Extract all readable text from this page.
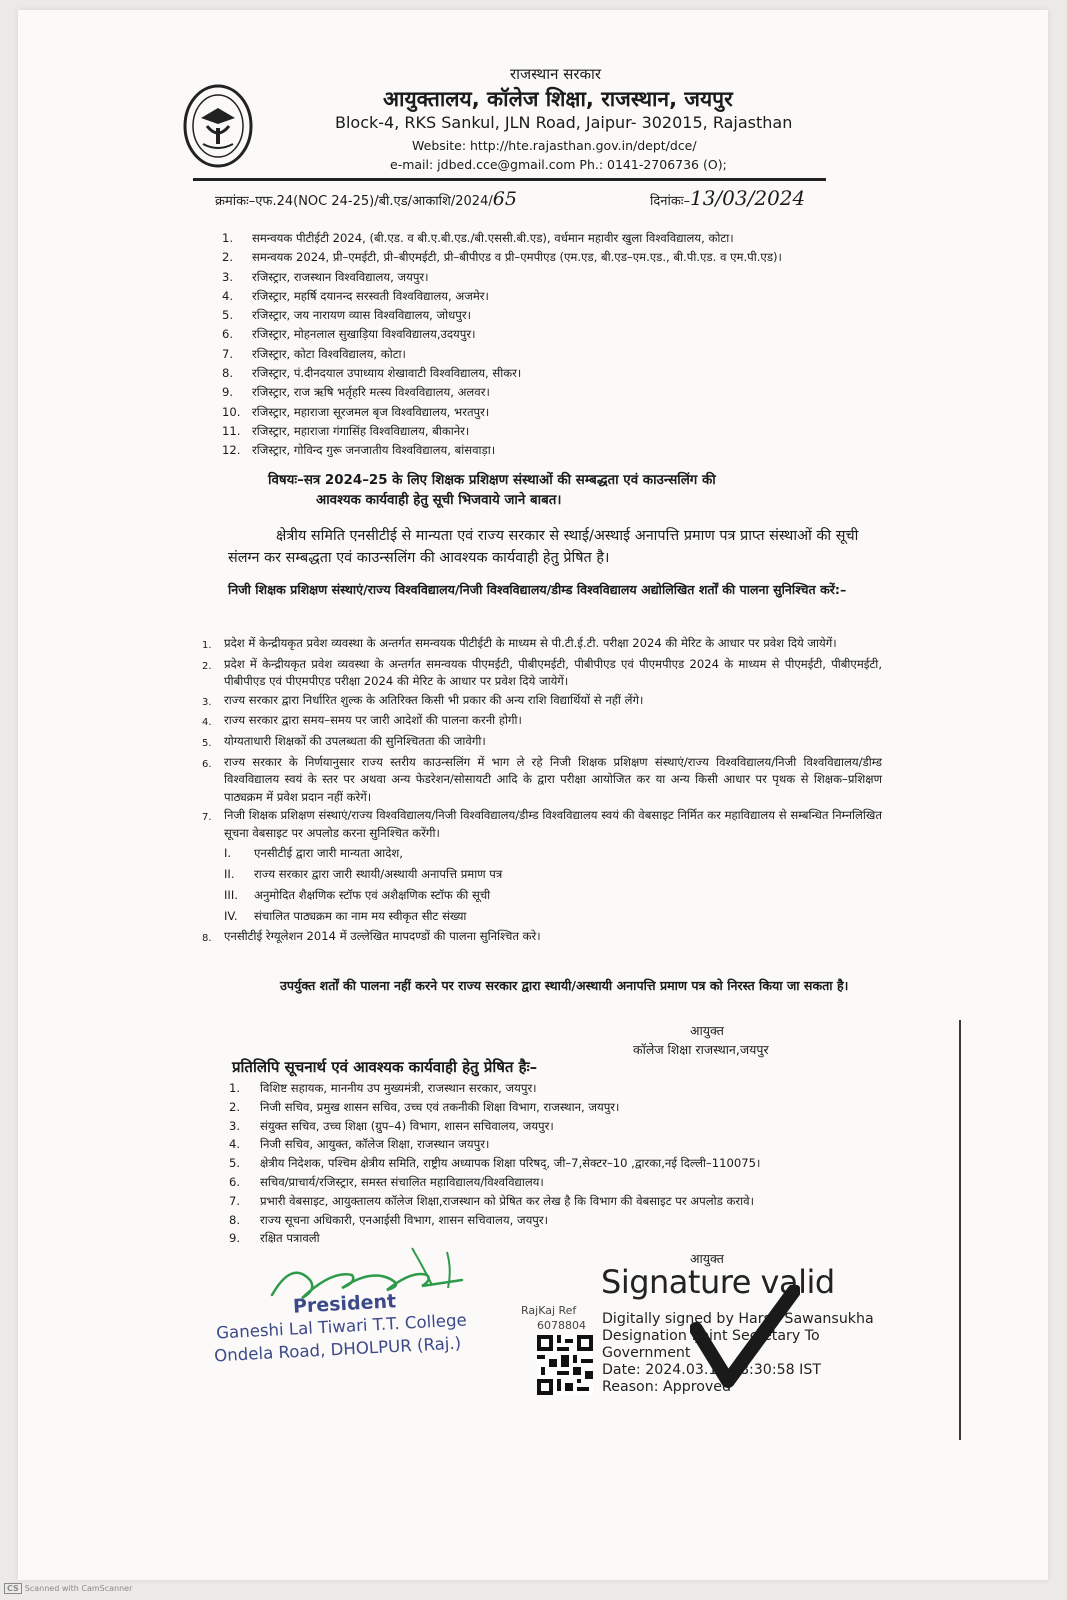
राजस्थान सरकार
आयुक्तालय, कॉलेज शिक्षा, राजस्थान, जयपुर
Block-4, RKS Sankul, JLN Road, Jaipur- 302015, Rajasthan
Website: http://hte.rajasthan.gov.in/dept/dce/
e-mail: jdbed.cce@gmail.com Ph.: 0141-2706736 (O);
क्रमांकः–एफ.24(NOC 24-25)/बी.एड/आकाशि/2024/65	दिनांकः–13/03/2024
1. समन्वयक पीटीईटी 2024, (बी.एड. व बी.ए.बी.एड./बी.एससी.बी.एड), वर्धमान महावीर खुला विश्वविद्यालय, कोटा।
2. समन्वयक 2024, प्री–एमईटी, प्री–बीएमईटी, प्री–बीपीएड व प्री–एमपीएड (एम.एड, बी.एड–एम.एड., बी.पी.एड. व एम.पी.एड)।
3. रजिस्ट्रार, राजस्थान विश्वविद्यालय, जयपुर।
4. रजिस्ट्रार, महर्षि दयानन्द सरस्वती विश्वविद्यालय, अजमेर।
5. रजिस्ट्रार, जय नारायण व्यास विश्वविद्यालय, जोधपुर।
6. रजिस्ट्रार, मोहनलाल सुखाड़िया विश्वविद्यालय,उदयपुर।
7. रजिस्ट्रार, कोटा विश्वविद्यालय, कोटा।
8. रजिस्ट्रार, पं.दीनदयाल उपाध्याय शेखावाटी विश्वविद्यालय, सीकर।
9. रजिस्ट्रार, राज ऋषि भर्तृहरि मत्स्य विश्वविद्यालय, अलवर।
10. रजिस्ट्रार, महाराजा सूरजमल बृज विश्वविद्यालय, भरतपुर।
11. रजिस्ट्रार, महाराजा गंगासिंह विश्वविद्यालय, बीकानेर।
12. रजिस्ट्रार, गोविन्द गुरू जनजातीय विश्वविद्यालय, बांसवाड़ा।
विषयः–सत्र 2024–25 के लिए शिक्षक प्रशिक्षण संस्थाओं की सम्बद्धता एवं काउन्सलिंग की
आवश्यक कार्यवाही हेतु सूची भिजवाये जाने बाबत।
क्षेत्रीय समिति एनसीटीई से मान्यता एवं राज्य सरकार से स्थाई/अस्थाई अनापत्ति प्रमाण पत्र प्राप्त संस्थाओं की सूची संलग्न कर सम्बद्धता एवं काउन्सलिंग की आवश्यक कार्यवाही हेतु प्रेषित है।
निजी शिक्षक प्रशिक्षण संस्थाएं/राज्य विश्वविद्यालय/निजी विश्वविद्यालय/डीम्ड विश्वविद्यालय अद्योलिखित शर्तों की पालना सुनिश्चित करें:–
1.	प्रदेश में केन्द्रीयकृत प्रवेश व्यवस्था के अन्तर्गत समन्वयक पीटीईटी के माध्यम से पी.टी.ई.टी. परीक्षा 2024 की मेरिट के आधार पर प्रवेश दिये जायेगें।
2.	प्रदेश में केन्द्रीयकृत प्रवेश व्यवस्था के अन्तर्गत समन्वयक पीएमईटी, पीबीएमईटी, पीबीपीएड एवं पीएमपीएड 2024 के माध्यम से पीएमईटी, पीबीएमईटी, पीबीपीएड एवं पीएमपीएड परीक्षा 2024 की मेरिट के आधार पर प्रवेश दिये जायेगें।
3.	राज्य सरकार द्वारा निर्धारित शुल्क के अतिरिक्त किसी भी प्रकार की अन्य राशि विद्यार्थियों से नहीं लेंगे।
4.	राज्य सरकार द्वारा समय–समय पर जारी आदेशों की पालना करनी होगी।
5.	योग्यताधारी शिक्षकों की उपलब्धता की सुनिश्चितता की जावेगी।
6.	राज्य सरकार के निर्णयानुसार राज्य स्तरीय काउन्सलिंग में भाग ले रहे निजी शिक्षक प्रशिक्षण संस्थाएं/राज्य विश्वविद्यालय/निजी विश्वविद्यालय/डीम्ड विश्वविद्यालय स्वयं के स्तर पर अथवा अन्य फेडरेशन/सोसायटी आदि के द्वारा परीक्षा आयोजित कर या अन्य किसी आधार पर पृथक से शिक्षक–प्रशिक्षण पाठ्यक्रम में प्रवेश प्रदान नहीं करेगें।
7.	निजी शिक्षक प्रशिक्षण संस्थाएं/राज्य विश्वविद्यालय/निजी विश्वविद्यालय/डीम्ड विश्वविद्यालय स्वयं की वेबसाइट निर्मित कर महाविद्यालय से सम्बन्धित निम्नलिखित सूचना वेबसाइट पर अपलोड करना सुनिश्चित करेंगी।
I.	एनसीटीई द्वारा जारी मान्यता आदेश,
II.	राज्य सरकार द्वारा जारी स्थायी/अस्थायी अनापत्ति प्रमाण पत्र
III.	अनुमोदित शैक्षणिक स्टॉफ एवं अशैक्षणिक स्टॉफ की सूची
IV.	संचालित पाठ्यक्रम का नाम मय स्वीकृत सीट संख्या
8.	एनसीटीई रेग्यूलेशन 2014 में उल्लेखित मापदण्डों की पालना सुनिश्चित करे।
उपर्युक्त शर्तों की पालना नहीं करने पर राज्य सरकार द्वारा स्थायी/अस्थायी अनापत्ति प्रमाण पत्र को निरस्त किया जा सकता है।
आयुक्त
कॉलेज शिक्षा राजस्थान,जयपुर
प्रतिलिपि सूचनार्थ एवं आवश्यक कार्यवाही हेतु प्रेषित हैः–
1. विशिष्ट सहायक, माननीय उप मुख्यमंत्री, राजस्थान सरकार, जयपुर।
2. निजी सचिव, प्रमुख शासन सचिव, उच्च एवं तकनीकी शिक्षा विभाग, राजस्थान, जयपुर।
3. संयुक्त सचिव, उच्च शिक्षा (ग्रुप–4) विभाग, शासन सचिवालय, जयपुर।
4. निजी सचिव, आयुक्त, कॉलेज शिक्षा, राजस्थान जयपुर।
5. क्षेत्रीय निदेशक, पश्चिम क्षेत्रीय समिति, राष्ट्रीय अध्यापक शिक्षा परिषद्, जी–7,सेक्टर–10 ,द्वारका,नई दिल्ली–110075।
6. सचिव/प्राचार्य/रजिस्ट्रार, समस्त संचालित महाविद्यालय/विश्वविद्यालय।
7. प्रभारी वेबसाइट, आयुक्तालय कॉलेज शिक्षा,राजस्थान को प्रेषित कर लेख है कि विभाग की वेबसाइट पर अपलोड करावे।
8. राज्य सूचना अधिकारी, एनआईसी विभाग, शासन सचिवालय, जयपुर।
9. रक्षित पत्रावली
आयुक्त
Signature valid
Digitally signed by Harsh Sawansukha
Designation :Joint Secretary To
Government
Date: 2024.03.13 18:30:58 IST
Reason: Approved
RajKaj Ref
6078804
President
Ganeshi Lal Tiwari T.T. College
Ondela Road, DHOLPUR (Raj.)
CS Scanned with CamScanner
